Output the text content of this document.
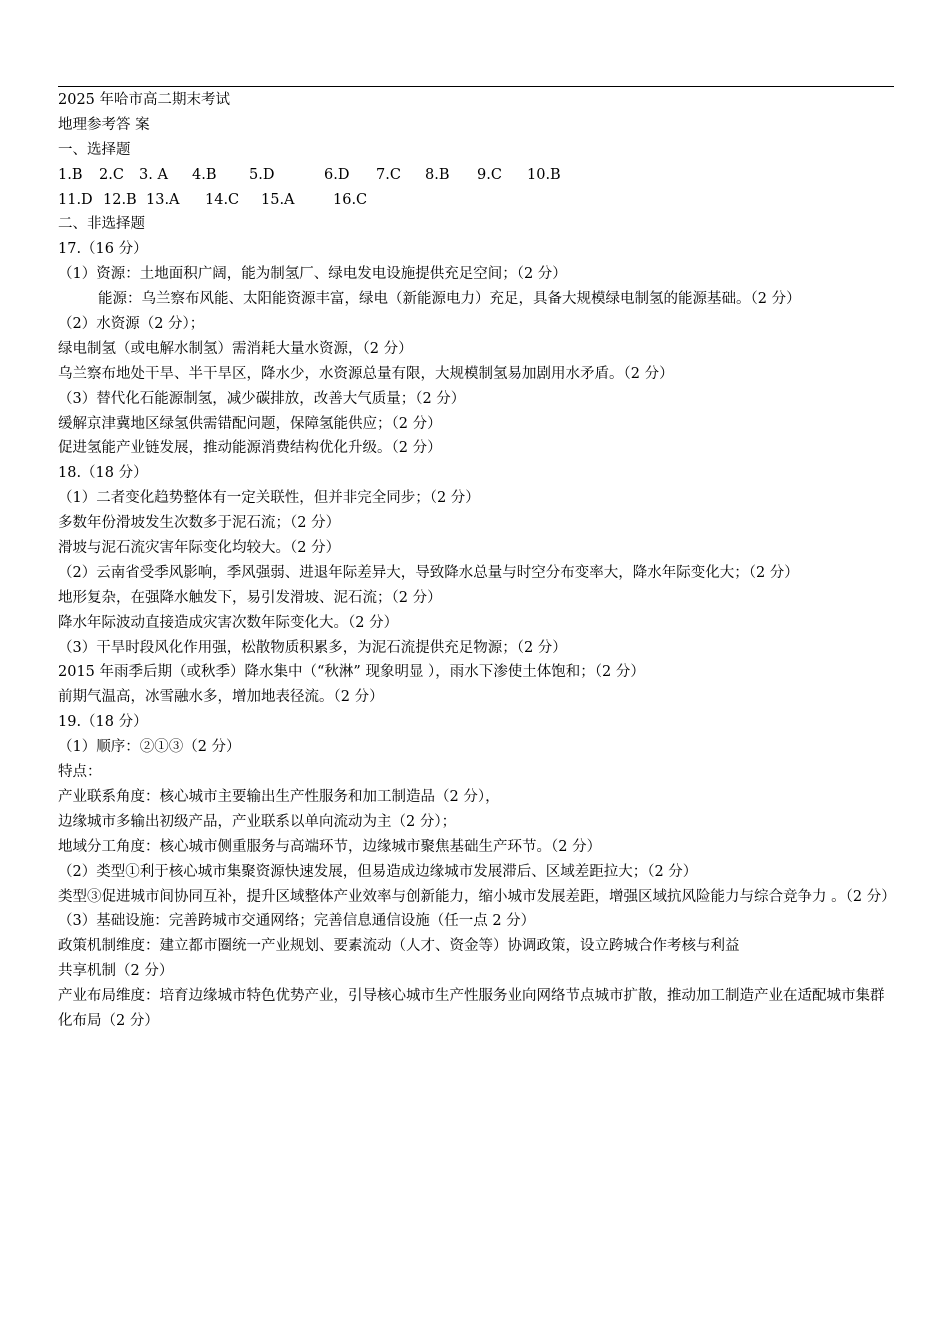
2025 年哈市高二期末考试
地理参考答 案
一、选择题
1.B 2.C 3. A 4.B 5.D	6.D 7.C 8.B 9.C 10.B
11.D 12.B 13.A 14.C 15.A	16.C
二、非选择题
17.（16 分）
（1）资源：土地面积广阔，能为制氢厂、绿电发电设施提供充足空间；（2 分）
能源：乌兰察布风能、太阳能资源丰富，绿电（新能源电力）充足，具备大规模绿电制氢的能源基础。（2 分）
（2）水资源（2 分）；
绿电制氢（或电解水制氢）需消耗大量水资源，（2 分）
乌兰察布地处干旱、半干旱区，降水少，水资源总量有限，大规模制氢易加剧用水矛盾。（2 分）
（3）替代化石能源制氢，减少碳排放，改善大气质量；（2 分）
缓解京津冀地区绿氢供需错配问题，保障氢能供应；（2 分）
促进氢能产业链发展，推动能源消费结构优化升级。（2 分）
18.（18 分）
（1）二者变化趋势整体有一定关联性，但并非完全同步；（2 分）
多数年份滑坡发生次数多于泥石流；（2 分）
滑坡与泥石流灾害年际变化均较大。（2 分）
（2）云南省受季风影响，季风强弱、进退年际差异大，导致降水总量与时空分布变率大，降水年际变化大；（2 分）
地形复杂，在强降水触发下，易引发滑坡、泥石流；（2 分）
降水年际波动直接造成灾害次数年际变化大。（2 分）
（3）干旱时段风化作用强，松散物质积累多，为泥石流提供充足物源；（2 分）
2015 年雨季后期（或秋季）降水集中（“秋淋” 现象明显 ），雨水下渗使土体饱和；（2 分）
前期气温高，冰雪融水多，增加地表径流。（2 分）
19.（18 分）
（1）顺序：②①③（2 分）
特点：
产业联系角度：核心城市主要输出生产性服务和加工制造品（2 分），
边缘城市多输出初级产品，产业联系以单向流动为主（2 分）；
地域分工角度：核心城市侧重服务与高端环节，边缘城市聚焦基础生产环节。（2 分）
（2）类型①利于核心城市集聚资源快速发展，但易造成边缘城市发展滞后、区域差距拉大；（2 分）
类型③促进城市间协同互补，提升区域整体产业效率与创新能力，缩小城市发展差距，增强区域抗风险能力与综合竞争力 。（2 分）
（3）基础设施：完善跨城市交通网络；完善信息通信设施（任一点 2 分）
政策机制维度：建立都市圈统一产业规划、要素流动（人才、资金等）协调政策，设立跨城合作考核与利益
共享机制（2 分）
产业布局维度：培育边缘城市特色优势产业，引导核心城市生产性服务业向网络节点城市扩散，推动加工制造产业在适配城市集群化布局（2 分）
